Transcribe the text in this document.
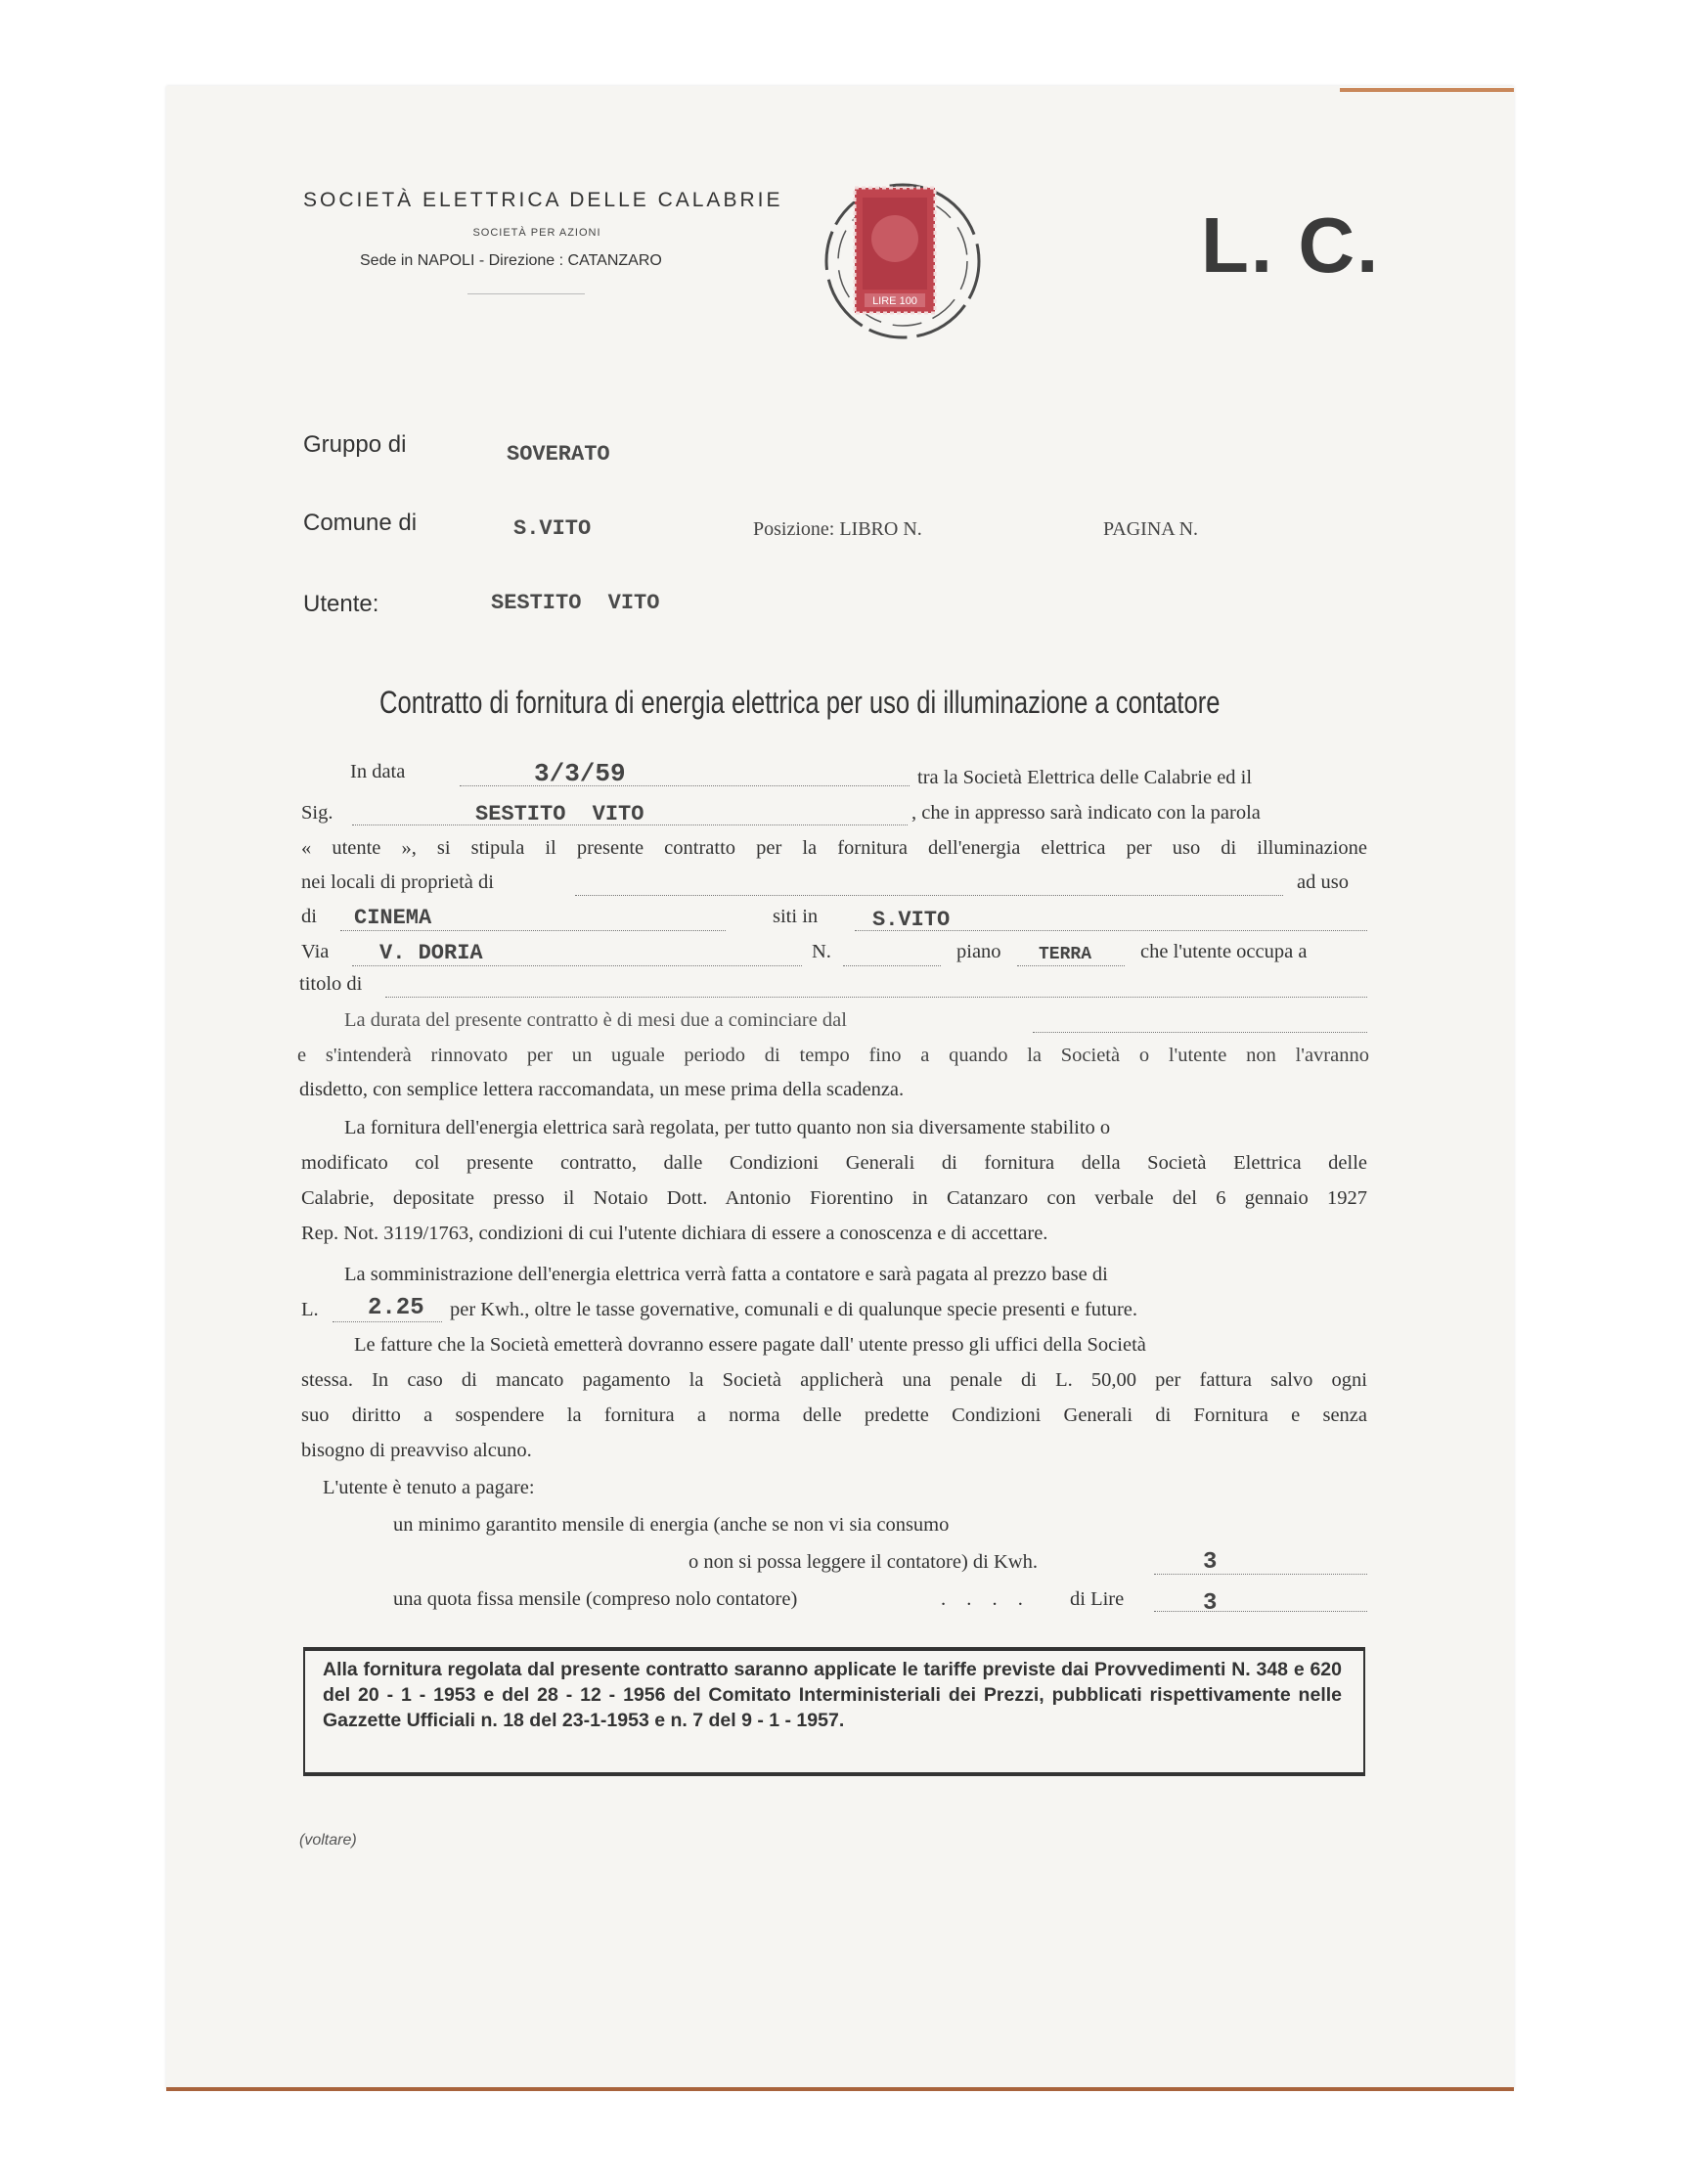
SOCIETÀ ELETTRICA DELLE CALABRIE
SOCIETÀ PER AZIONI
Sede in NAPOLI - Direzione : CATANZARO
LIRE 100
L. C.
Gruppo di	SOVERATO
Comune di	S.VITO	Posizione: LIBRO N.	PAGINA N.
Utente:	SESTITO VITO
Contratto di fornitura di energia elettrica per uso di illuminazione a contatore
In data	3/3/59	tra la Società Elettrica delle Calabrie ed il
Sig.	SESTITO VITO	, che in appresso sarà indicato con la parola
« utente », si stipula il presente contratto per la fornitura dell'energia elettrica per uso di illuminazione
nei locali di proprietà di	ad uso
di CINEMA	siti in	S.VITO
Via V. DORIA	N.	piano TERRA che l'utente occupa a
titolo di
La durata del presente contratto è di mesi due a cominciare dal
e s'intenderà rinnovato per un uguale periodo di tempo fino a quando la Società o l'utente non l'avranno
disdetto, con semplice lettera raccomandata, un mese prima della scadenza.
La fornitura dell'energia elettrica sarà regolata, per tutto quanto non sia diversamente stabilito o
modificato col presente contratto, dalle Condizioni Generali di fornitura della Società Elettrica delle
Calabrie, depositate presso il Notaio Dott. Antonio Fiorentino in Catanzaro con verbale del 6 gennaio 1927
Rep. Not. 3119/1763, condizioni di cui l'utente dichiara di essere a conoscenza e di accettare.
La somministrazione dell'energia elettrica verrà fatta a contatore e sarà pagata al prezzo base di
L. 2.25 per Kwh., oltre le tasse governative, comunali e di qualunque specie presenti e future.
Le fatture che la Società emetterà dovranno essere pagate dall' utente presso gli uffici della Società
stessa. In caso di mancato pagamento la Società applicherà una penale di L. 50,00 per fattura salvo ogni
suo diritto a sospendere la fornitura a norma delle predette Condizioni Generali di Fornitura e senza
bisogno di preavviso alcuno.
L'utente è tenuto a pagare:
un minimo garantito mensile di energia (anche se non vi sia consumo
o non si possa leggere il contatore) di Kwh.	3
una quota fissa mensile (compreso nolo contatore)	. . . . di Lire	3
Alla fornitura regolata dal presente contratto saranno applicate le tariffe previste dai Provvedimenti N. 348 e 620 del 20 - 1 - 1953 e del 28 - 12 - 1956 del Comitato Interministeriali dei Prezzi, pubblicati rispettivamente nelle Gazzette Ufficiali n. 18 del 23-1-1953 e n. 7 del 9 - 1 - 1957.
(voltare)
